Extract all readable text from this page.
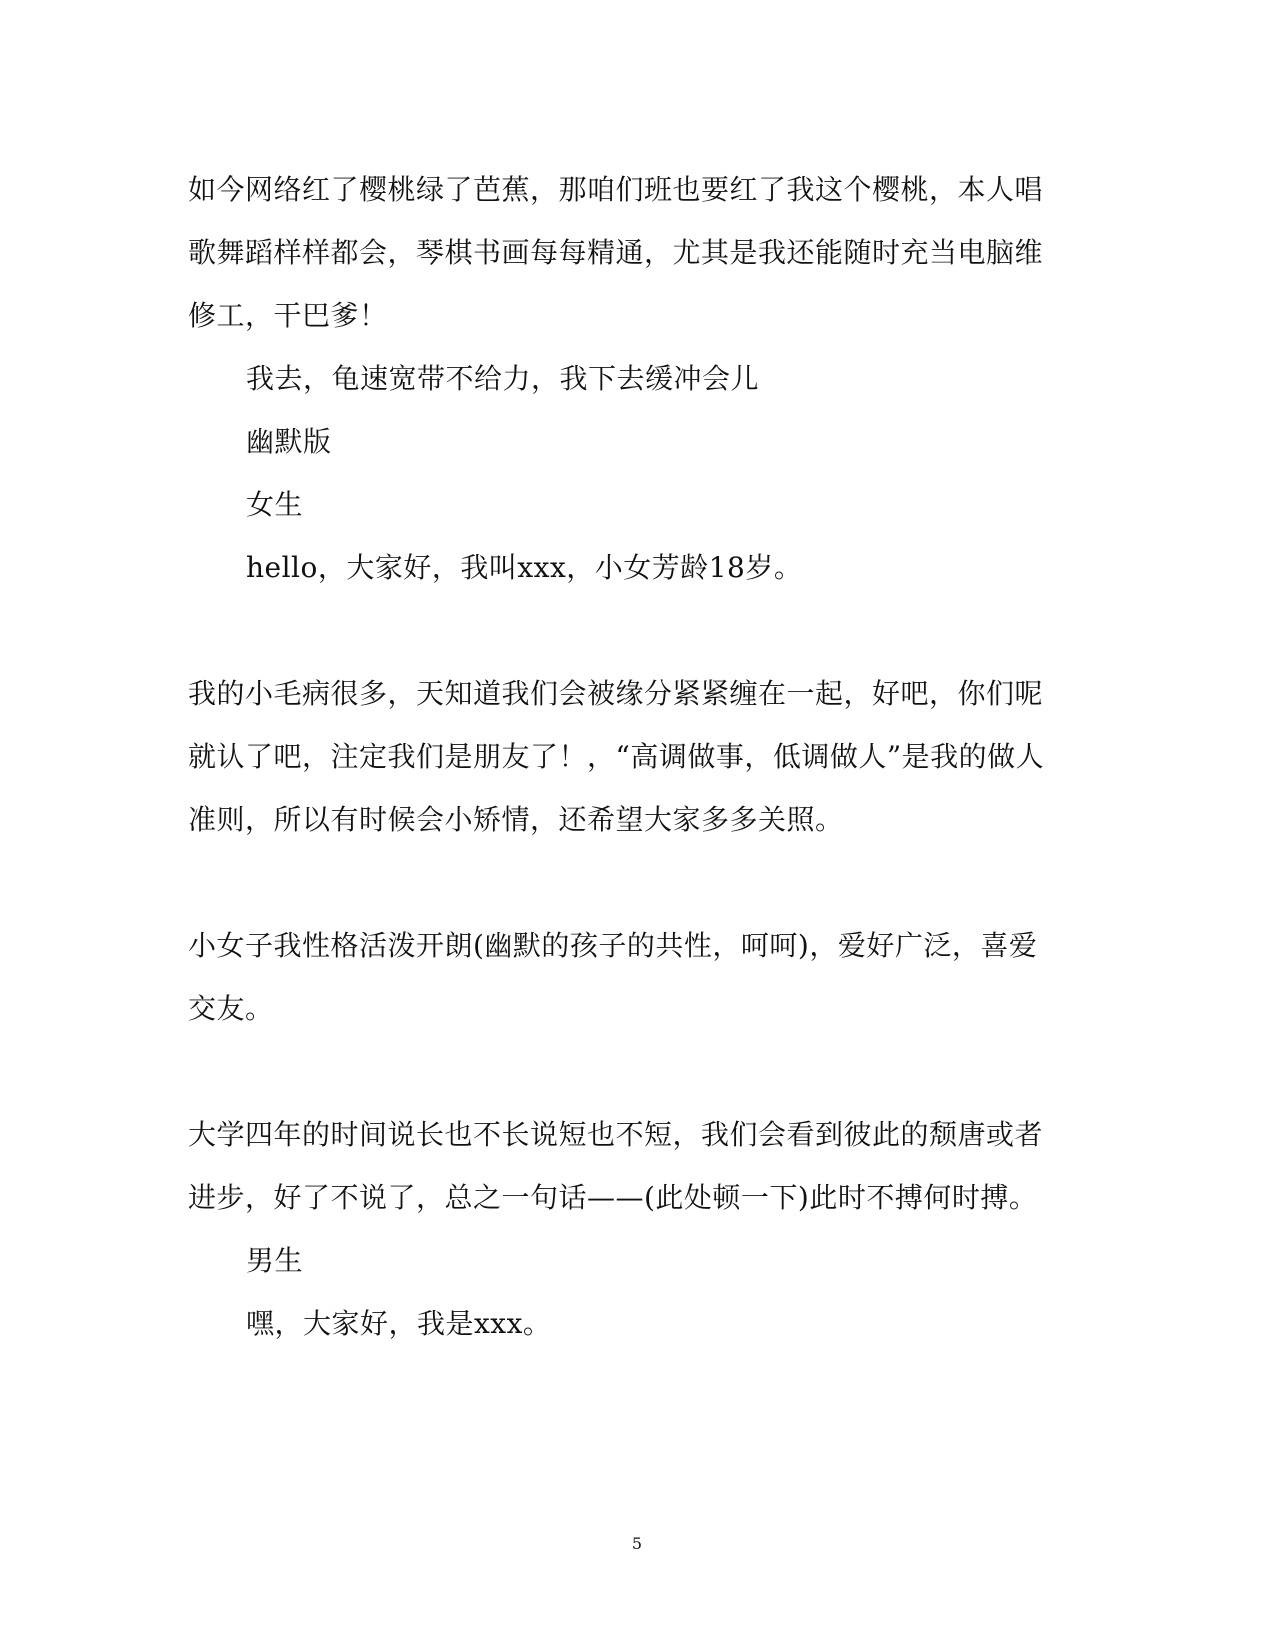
如今网络红了樱桃绿了芭蕉，那咱们班也要红了我这个樱桃，本人唱
歌舞蹈样样都会，琴棋书画每每精通，尤其是我还能随时充当电脑维
修工，干巴爹！
我去，龟速宽带不给力，我下去缓冲会儿
幽默版
女生
hello，大家好，我叫xxx，小女芳龄18岁。
我的小毛病很多，天知道我们会被缘分紧紧缠在一起，好吧，你们呢
就认了吧，注定我们是朋友了！，“高调做事，低调做人”是我的做人
准则，所以有时候会小矫情，还希望大家多多关照。
小女子我性格活泼开朗(幽默的孩子的共性，呵呵)，爱好广泛，喜爱
交友。
大学四年的时间说长也不长说短也不短，我们会看到彼此的颓唐或者
进步，好了不说了，总之一句话——(此处顿一下)此时不搏何时搏。
男生
嘿，大家好，我是xxx。
5
